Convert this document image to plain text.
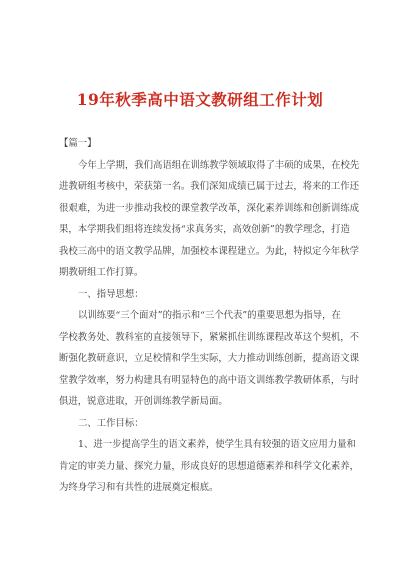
19年秋季高中语文教研组工作计划
【篇一】
今年上学期，我们高语组在训练教学领域取得了丰硕的成果，在校先
进教研组考核中，荣获第一名。我们深知成绩已属于过去，将来的工作还
很艰难，为进一步推动我校的课堂教学改革，深化素养训练和创新训练成
果，本学期我们组将连续发扬“求真务实，高效创新”的教学理念，打造
我校三高中的语文教学品牌，加强校本课程建立。为此，特拟定今年秋学
期教研组工作打算。
一、指导思想：
以训练要“三个面对”的指示和“三个代表”的重要思想为指导，在
学校教务处、教科室的直接领导下，紧紧抓住训练课程改革这个契机，不
断强化教研意识，立足校情和学生实际，大力推动训练创新，提高语文课
堂教学效率，努力构建具有明显特色的高中语文训练教学教研体系，与时
俱进，锐意进取，开创训练教学新局面。
二、工作目标：
1、进一步提高学生的语文素养，使学生具有较强的语文应用力量和
肯定的审美力量、探究力量，形成良好的思想道德素养和科学文化素养，
为终身学习和有共性的进展奠定根底。
